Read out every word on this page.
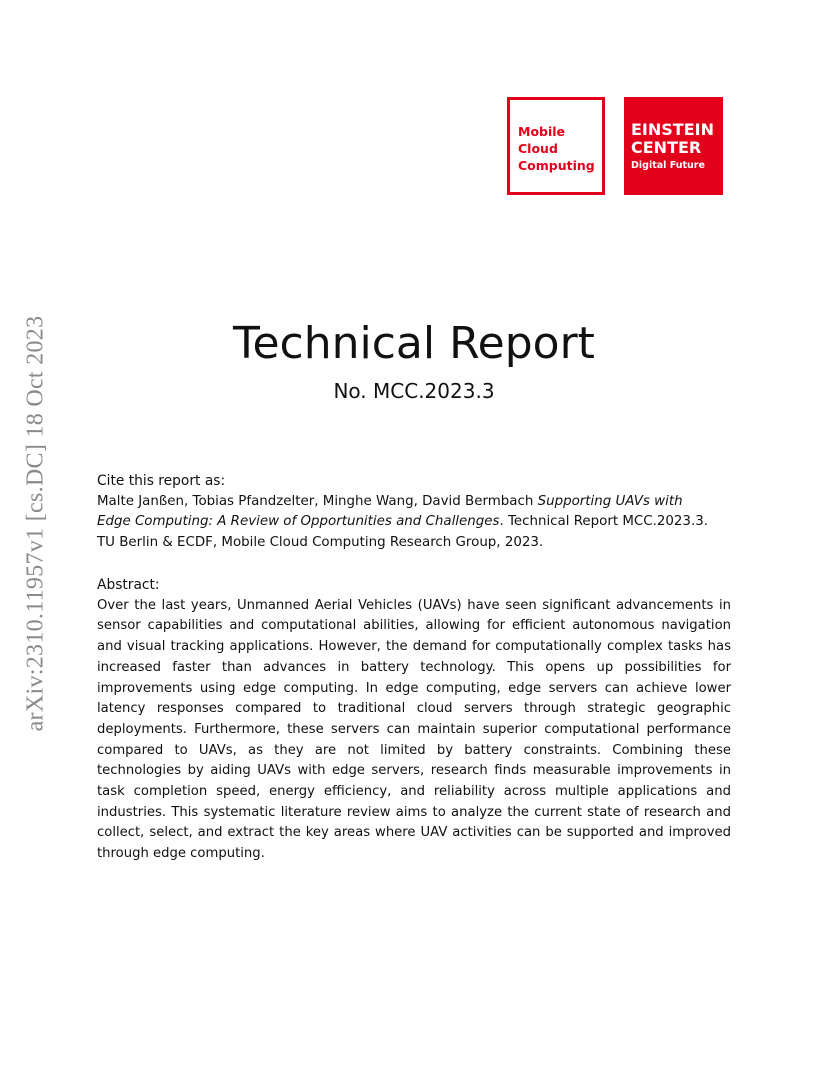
arXiv:2310.11957v1 [cs.DC] 18 Oct 2023
Mobile
Cloud
Computing
EINSTEIN
CENTER
Digital Future
Technical Report
No. MCC.2023.3
Cite this report as:
Malte Janßen, Tobias Pfandzelter, Minghe Wang, David Bermbach Supporting UAVs with
Edge Computing: A Review of Opportunities and Challenges. Technical Report MCC.2023.3.
TU Berlin & ECDF, Mobile Cloud Computing Research Group, 2023.
Abstract:

Over the last years, Unmanned Aerial Vehicles (UAVs) have seen significant advancements in sensor capabilities and computational abilities, allowing for efficient autonomous navigation and visual tracking applications. However, the demand for computationally complex tasks has increased faster than advances in battery technology. This opens up possibilities for improvements using edge computing. In edge computing, edge servers can achieve lower latency responses compared to traditional cloud servers through strategic geographic deployments. Furthermore, these servers can maintain superior computational performance compared to UAVs, as they are not limited by battery constraints. Combining these technologies by aiding UAVs with edge servers, research finds measurable improvements in task completion speed, energy efficiency, and reliability across multiple applications and industries. This systematic literature review aims to analyze the current state of research and collect, select, and extract the key areas where UAV activities can be supported and improved through edge computing.
